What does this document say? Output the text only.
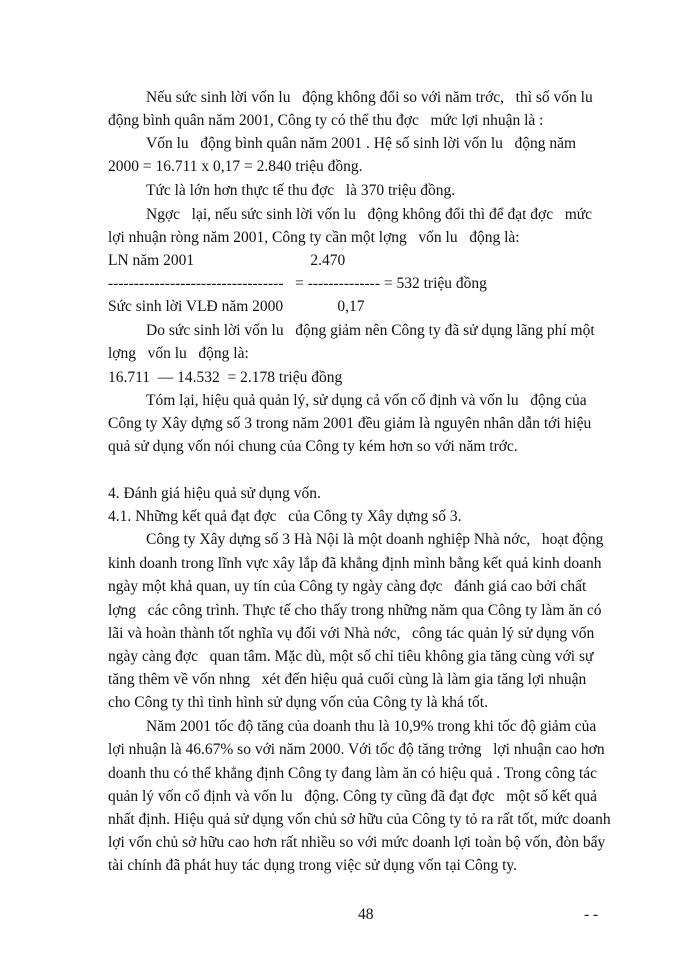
Nếu sức sinh lời vốn lu   động không đổi so với năm trớc,   thì số vốn lu

động bình quân năm 2001, Công ty có thể thu đợc   mức lợi nhuận là :

Vốn lu   động bình quân năm 2001 . Hệ số sinh lời vốn lu   động năm

2000 = 16.711 x 0,17 = 2.840 triệu đồng.

Tức là lớn hơn thực tế thu đợc   là 370 triệu đồng.

Ngợc   lại, nếu sức sinh lời vốn lu   động không đổi thì để đạt đợc   mức

lợi nhuận ròng năm 2001, Công ty cần một lợng   vốn lu   động là:

LN năm 2001                              2.470

----------------------------------   = -------------- = 532 triệu đồng

Sức sinh lời VLĐ năm 2000              0,17

Do sức sinh lời vốn lu   động giảm nên Công ty đã sử dụng lãng phí một

lợng   vốn lu   động là:

16.711  — 14.532  = 2.178 triệu đồng

Tóm lại, hiệu quả quản lý, sử dụng cả vốn cố định và vốn lu   động của

Công ty Xây dựng số 3 trong năm 2001 đều giảm là nguyên nhân dẫn tới hiệu

quả sử dụng vốn nói chung của Công ty kém hơn so với năm trớc.

4. Đánh giá hiệu quả sử dụng vốn.

4.1. Những kết quả đạt đợc   của Công ty Xây dựng số 3.

Công ty Xây dựng số 3 Hà Nội là một doanh nghiệp Nhà nớc,   hoạt động

kinh doanh trong lĩnh vực xây lắp đã khẳng định mình bằng kết quả kinh doanh

ngày một khả quan, uy tín của Công ty ngày càng đợc   đánh giá cao bởi chất

lợng   các công trình. Thực tế cho thấy trong những năm qua Công ty làm ăn có

lãi và hoàn thành tốt nghĩa vụ đối với Nhà nớc,   công tác quản lý sử dụng vốn

ngày càng đợc   quan tâm. Mặc dù, một số chỉ tiêu không gia tăng cùng với sự

tăng thêm về vốn nhng   xét đến hiệu quả cuối cùng là làm gia tăng lợi nhuận

cho Công ty thì tình hình sử dụng vốn của Công ty là khá tốt.

Năm 2001 tốc độ tăng của doanh thu là 10,9% trong khi tốc độ giảm của

lợi nhuận là 46.67% so với năm 2000. Với tốc độ tăng trởng   lợi nhuận cao hơn

doanh thu có thể khẳng định Công ty đang làm ăn có hiệu quả . Trong công tác

quản lý vốn cố định và vốn lu   động. Công ty cũng đã đạt đợc   một số kết quả

nhất định. Hiệu quả sử dụng vốn chủ sở hữu của Công ty tỏ ra rất tốt, mức doanh

lợi vốn chủ sở hữu cao hơn rất nhiều so với mức doanh lợi toàn bộ vốn, đòn bẩy

tài chính đã phát huy tác dụng trong việc sử dụng vốn tại Công ty.

48	- -
